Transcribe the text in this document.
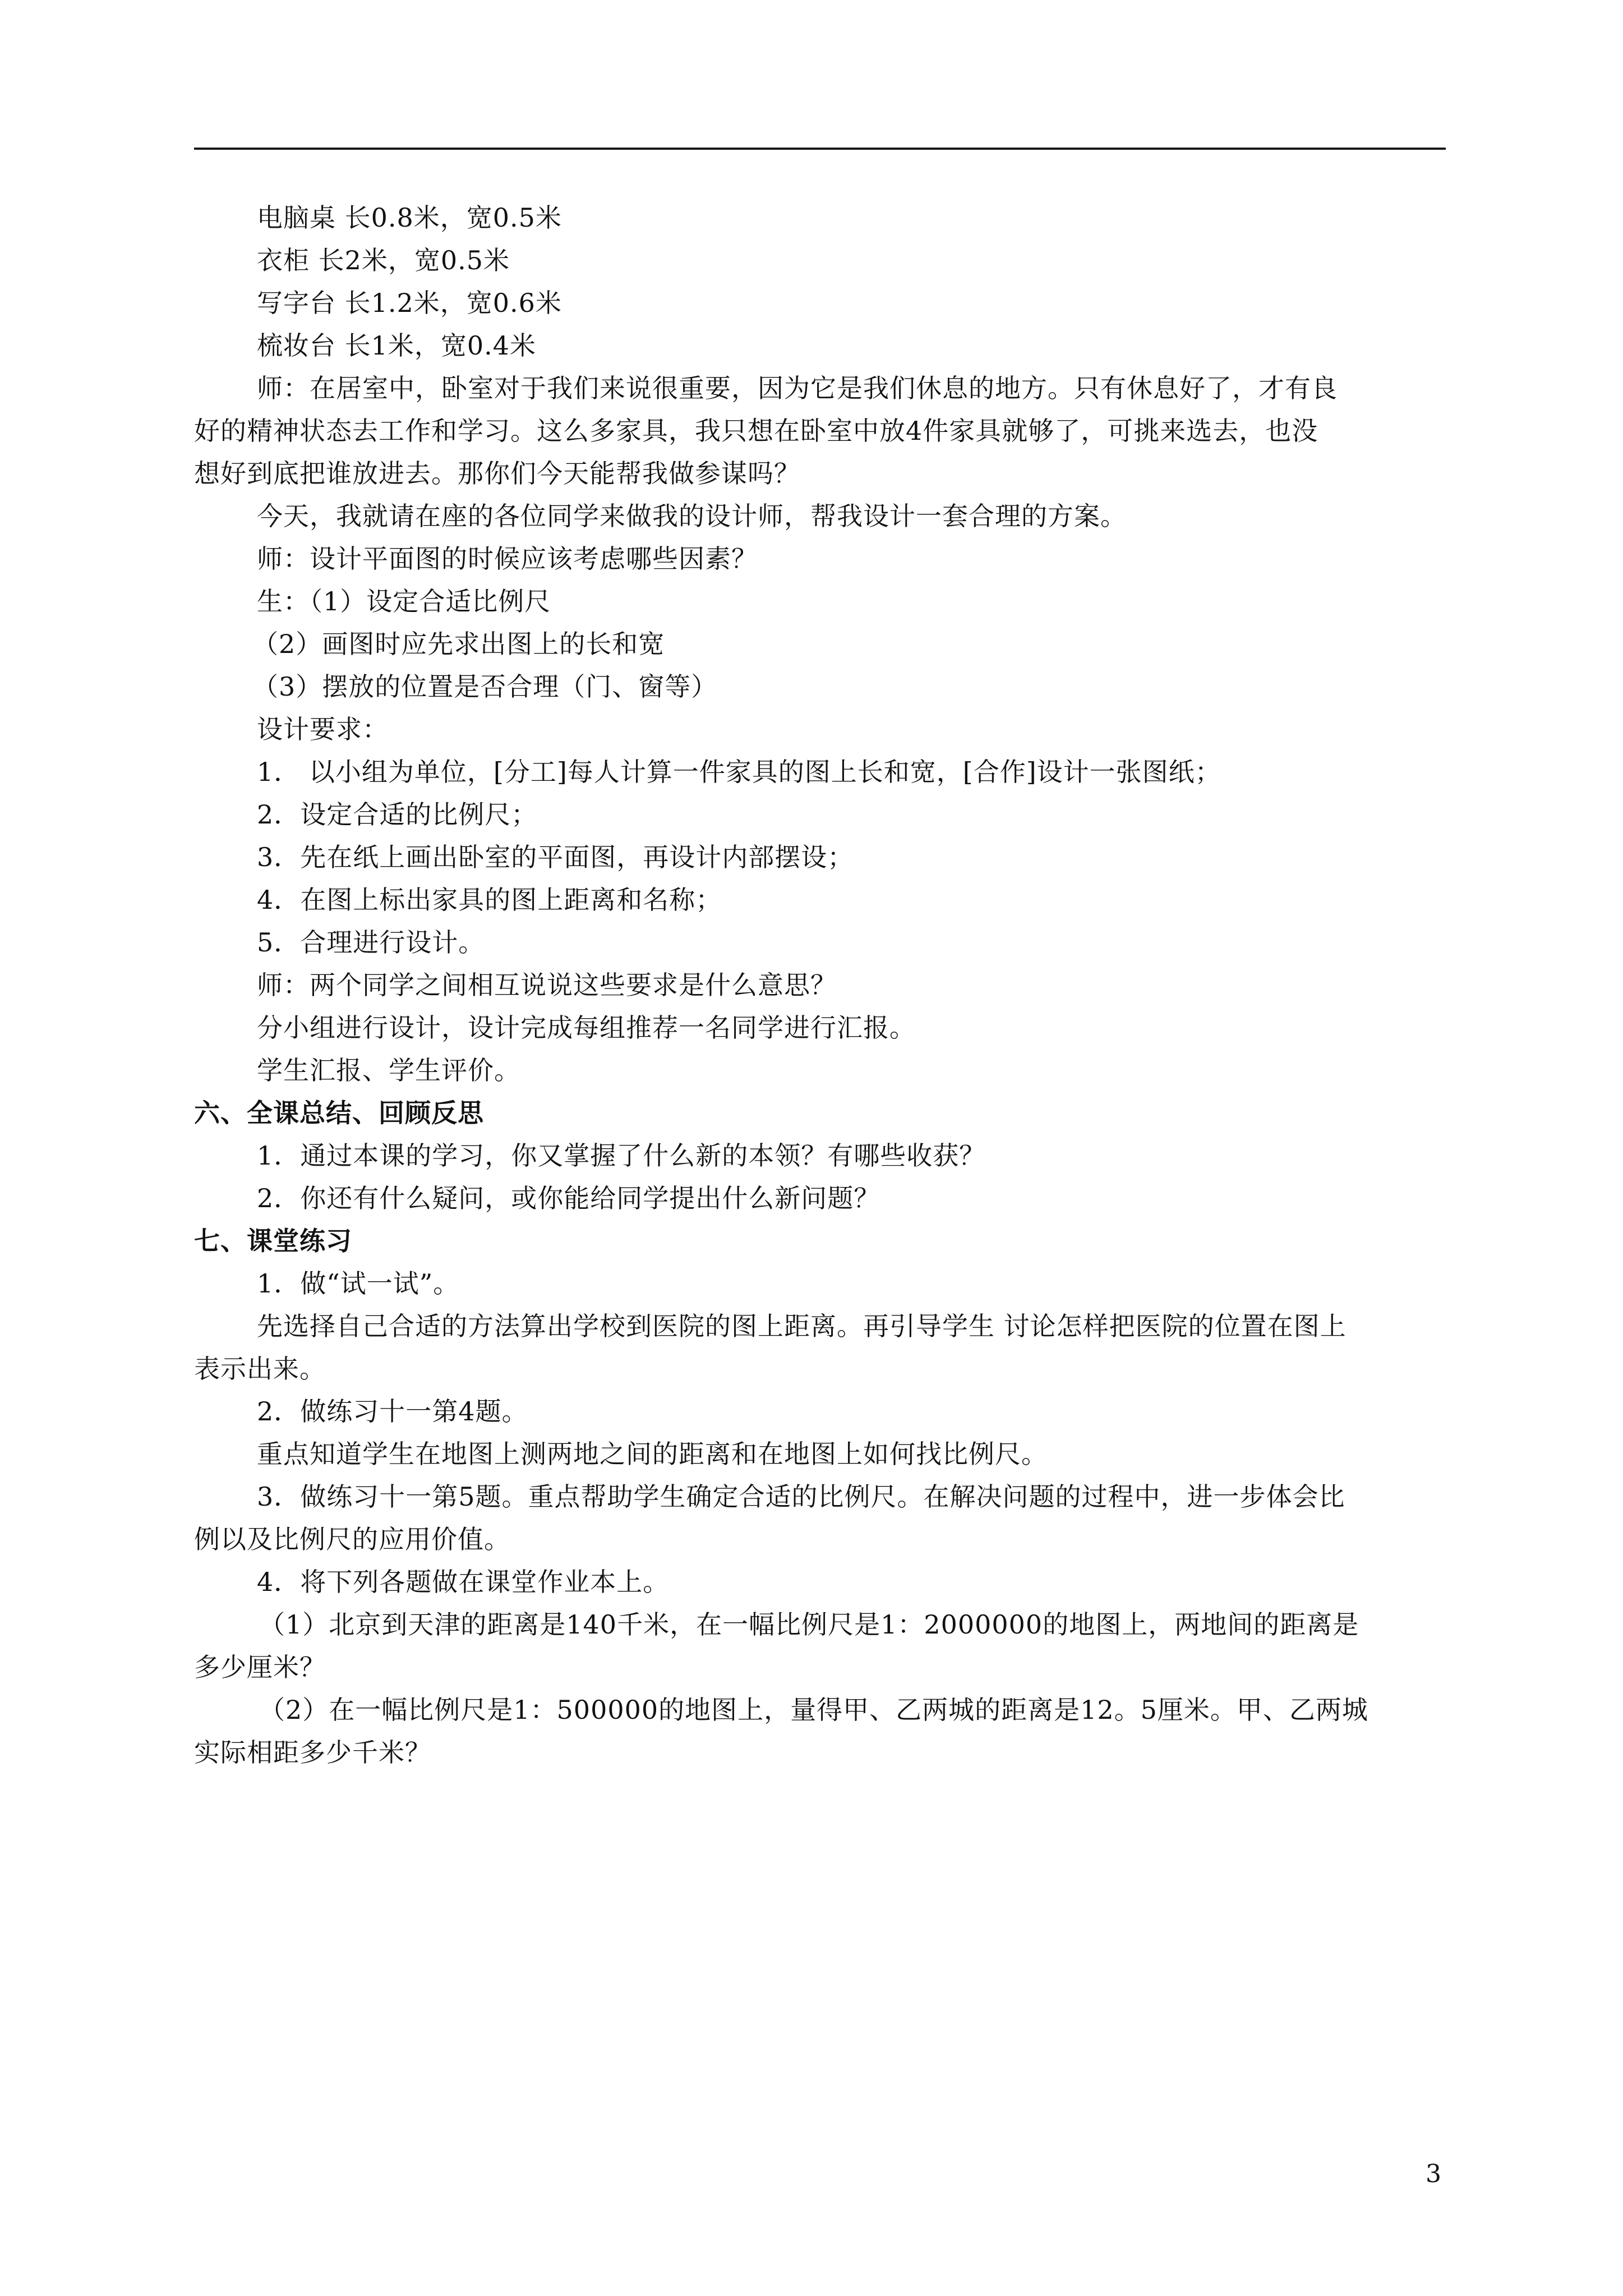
电脑桌 长0.8米，宽0.5米
衣柜 长2米，宽0.5米
写字台 长1.2米，宽0.6米
梳妆台 长1米，宽0.4米
师：在居室中，卧室对于我们来说很重要，因为它是我们休息的地方。只有休息好了，才有良
好的精神状态去工作和学习。这么多家具，我只想在卧室中放4件家具就够了，可挑来选去，也没
想好到底把谁放进去。那你们今天能帮我做参谋吗？
今天，我就请在座的各位同学来做我的设计师，帮我设计一套合理的方案。
师：设计平面图的时候应该考虑哪些因素？
生：（1）设定合适比例尺
（2）画图时应先求出图上的长和宽
（3）摆放的位置是否合理（门、窗等）
设计要求：
1． 以小组为单位，[分工]每人计算一件家具的图上长和宽，[合作]设计一张图纸；
2．设定合适的比例尺；
3．先在纸上画出卧室的平面图，再设计内部摆设；
4．在图上标出家具的图上距离和名称；
5．合理进行设计。
师：两个同学之间相互说说这些要求是什么意思？
分小组进行设计，设计完成每组推荐一名同学进行汇报。
学生汇报、学生评价。
六、全课总结、回顾反思
1．通过本课的学习，你又掌握了什么新的本领？有哪些收获？
2．你还有什么疑问，或你能给同学提出什么新问题？
七、课堂练习
1．做“试一试”。
先选择自己合适的方法算出学校到医院的图上距离。再引导学生 讨论怎样把医院的位置在图上
表示出来。
2．做练习十一第4题。
重点知道学生在地图上测两地之间的距离和在地图上如何找比例尺。
3．做练习十一第5题。重点帮助学生确定合适的比例尺。在解决问题的过程中，进一步体会比
例以及比例尺的应用价值。
4．将下列各题做在课堂作业本上。
（1）北京到天津的距离是140千米，在一幅比例尺是1：2000000的地图上，两地间的距离是
多少厘米？
（2）在一幅比例尺是1：500000的地图上，量得甲、乙两城的距离是12。5厘米。甲、乙两城
实际相距多少千米？
3
